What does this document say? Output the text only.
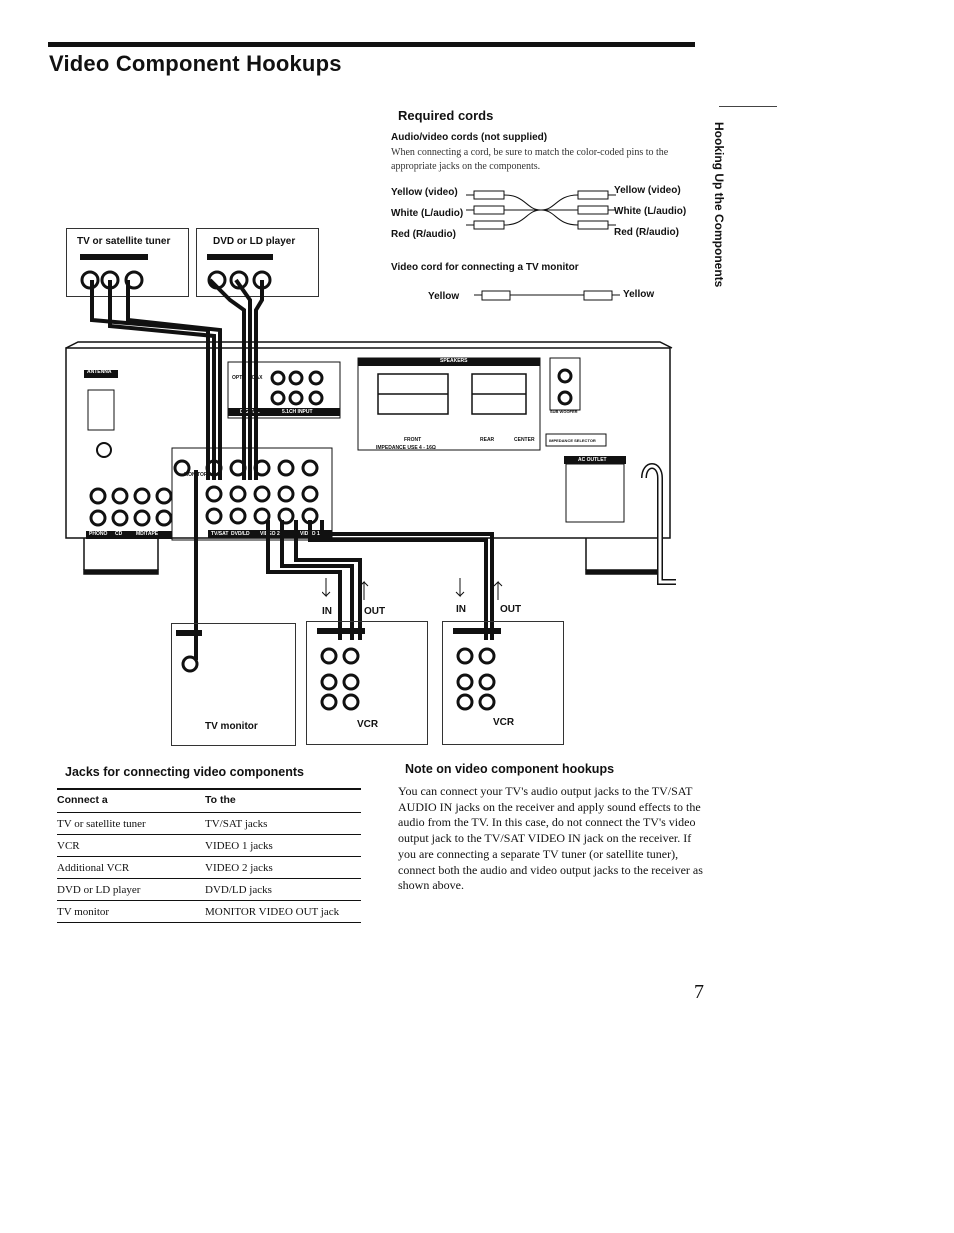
Video Component Hookups
Hooking Up the Components
Required cords
Audio/video cords (not supplied)
When connecting a cord, be sure to match the color-coded pins to the appropriate jacks on the components.
Yellow (video)
White (L/audio)
Red (R/audio)
Yellow (video)
White (L/audio)
Red (R/audio)
Video cord for connecting a TV monitor
Yellow	Yellow
TV or satellite tuner	DVD or LD player
ANTENNA
SPEAKERS
AC OUTLET
DIGITAL	5.1CH INPUT
OPT COAX
FRONT	REAR	CENTER
IMPEDANCE USE 4 - 16Ω
SUB WOOFER
IMPEDANCE SELECTOR
PHONO CD	MD/TAPE	TV/SAT DVD/LD VIDEO 2	VIDEO 1
MONITOR
TV monitor	VCR	VCR
IN	OUT	IN	OUT
Jacks for connecting video components
Connect a	To the
TV or satellite tuner	TV/SAT jacks
VCR	VIDEO 1 jacks
Additional VCR	VIDEO 2 jacks
DVD or LD player	DVD/LD jacks
TV monitor	MONITOR VIDEO OUT jack
Note on video component hookups
You can connect your TV's audio output jacks to the TV/SAT AUDIO IN jacks on the receiver and apply sound effects to the audio from the TV. In this case, do not connect the TV's video output jack to the TV/SAT VIDEO IN jack on the receiver. If you are connecting a separate TV tuner (or satellite tuner), connect both the audio and video output jacks to the receiver as shown above.
7
